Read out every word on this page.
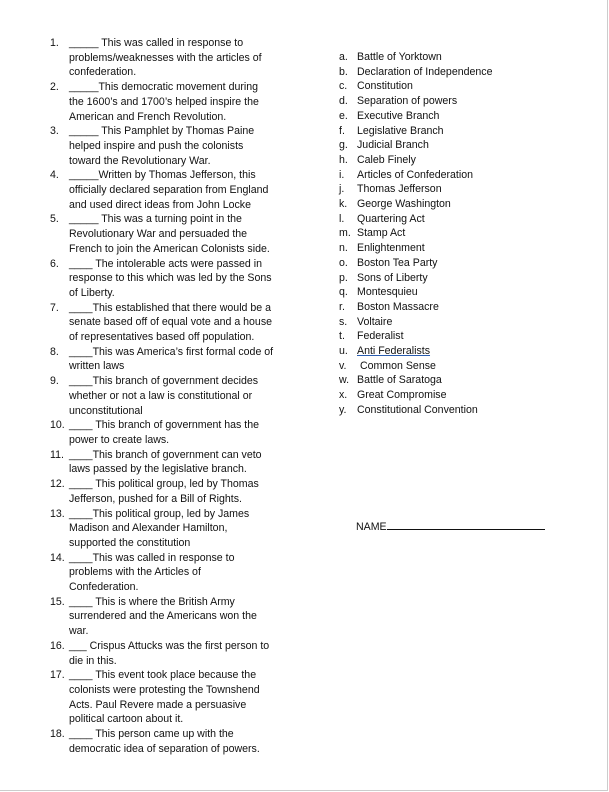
1. _____ This was called in response to
problems/weaknesses with the articles of
confederation.
2. _____This democratic movement during
the 1600’s and 1700’s helped inspire the
American and French Revolution.
3. _____ This Pamphlet by Thomas Paine
helped inspire and push the colonists
toward the Revolutionary War.
4. _____Written by Thomas Jefferson, this
officially declared separation from England
and used direct ideas from John Locke
5. _____ This was a turning point in the
Revolutionary War and persuaded the
French to join the American Colonists side.
6. ____ The intolerable acts were passed in
response to this which was led by the Sons
of Liberty.
7. ____This established that there would be a
senate based off of equal vote and a house
of representatives based off population.
8. ____This was America’s first formal code of
written laws
9. ____This branch of government decides
whether or not a law is constitutional or
unconstitutional
10. ____ This branch of government has the
power to create laws.
11. ____This branch of government can veto
laws passed by the legislative branch.
12. ____ This political group, led by Thomas
Jefferson, pushed for a Bill of Rights.
13. ____This political group, led by James
Madison and Alexander Hamilton,
supported the constitution
14. ____This was called in response to
problems with the Articles of
Confederation.
15. ____ This is where the British Army
surrendered and the Americans won the
war.
16. ___ Crispus Attucks was the first person to
die in this.
17. ____ This event took place because the
colonists were protesting the Townshend
Acts. Paul Revere made a persuasive
political cartoon about it.
18. ____ This person came up with the
democratic idea of separation of powers.
a. Battle of Yorktown
b. Declaration of Independence
c. Constitution
d. Separation of powers
e. Executive Branch
f. Legislative Branch
g. Judicial Branch
h. Caleb Finely
i. Articles of Confederation
j. Thomas Jefferson
k. George Washington
l. Quartering Act
m. Stamp Act
n. Enlightenment
o. Boston Tea Party
p. Sons of Liberty
q. Montesquieu
r. Boston Massacre
s. Voltaire
t. Federalist
u. Anti Federalists
v. Common Sense
w. Battle of Saratoga
x. Great Compromise
y. Constitutional Convention
NAME
